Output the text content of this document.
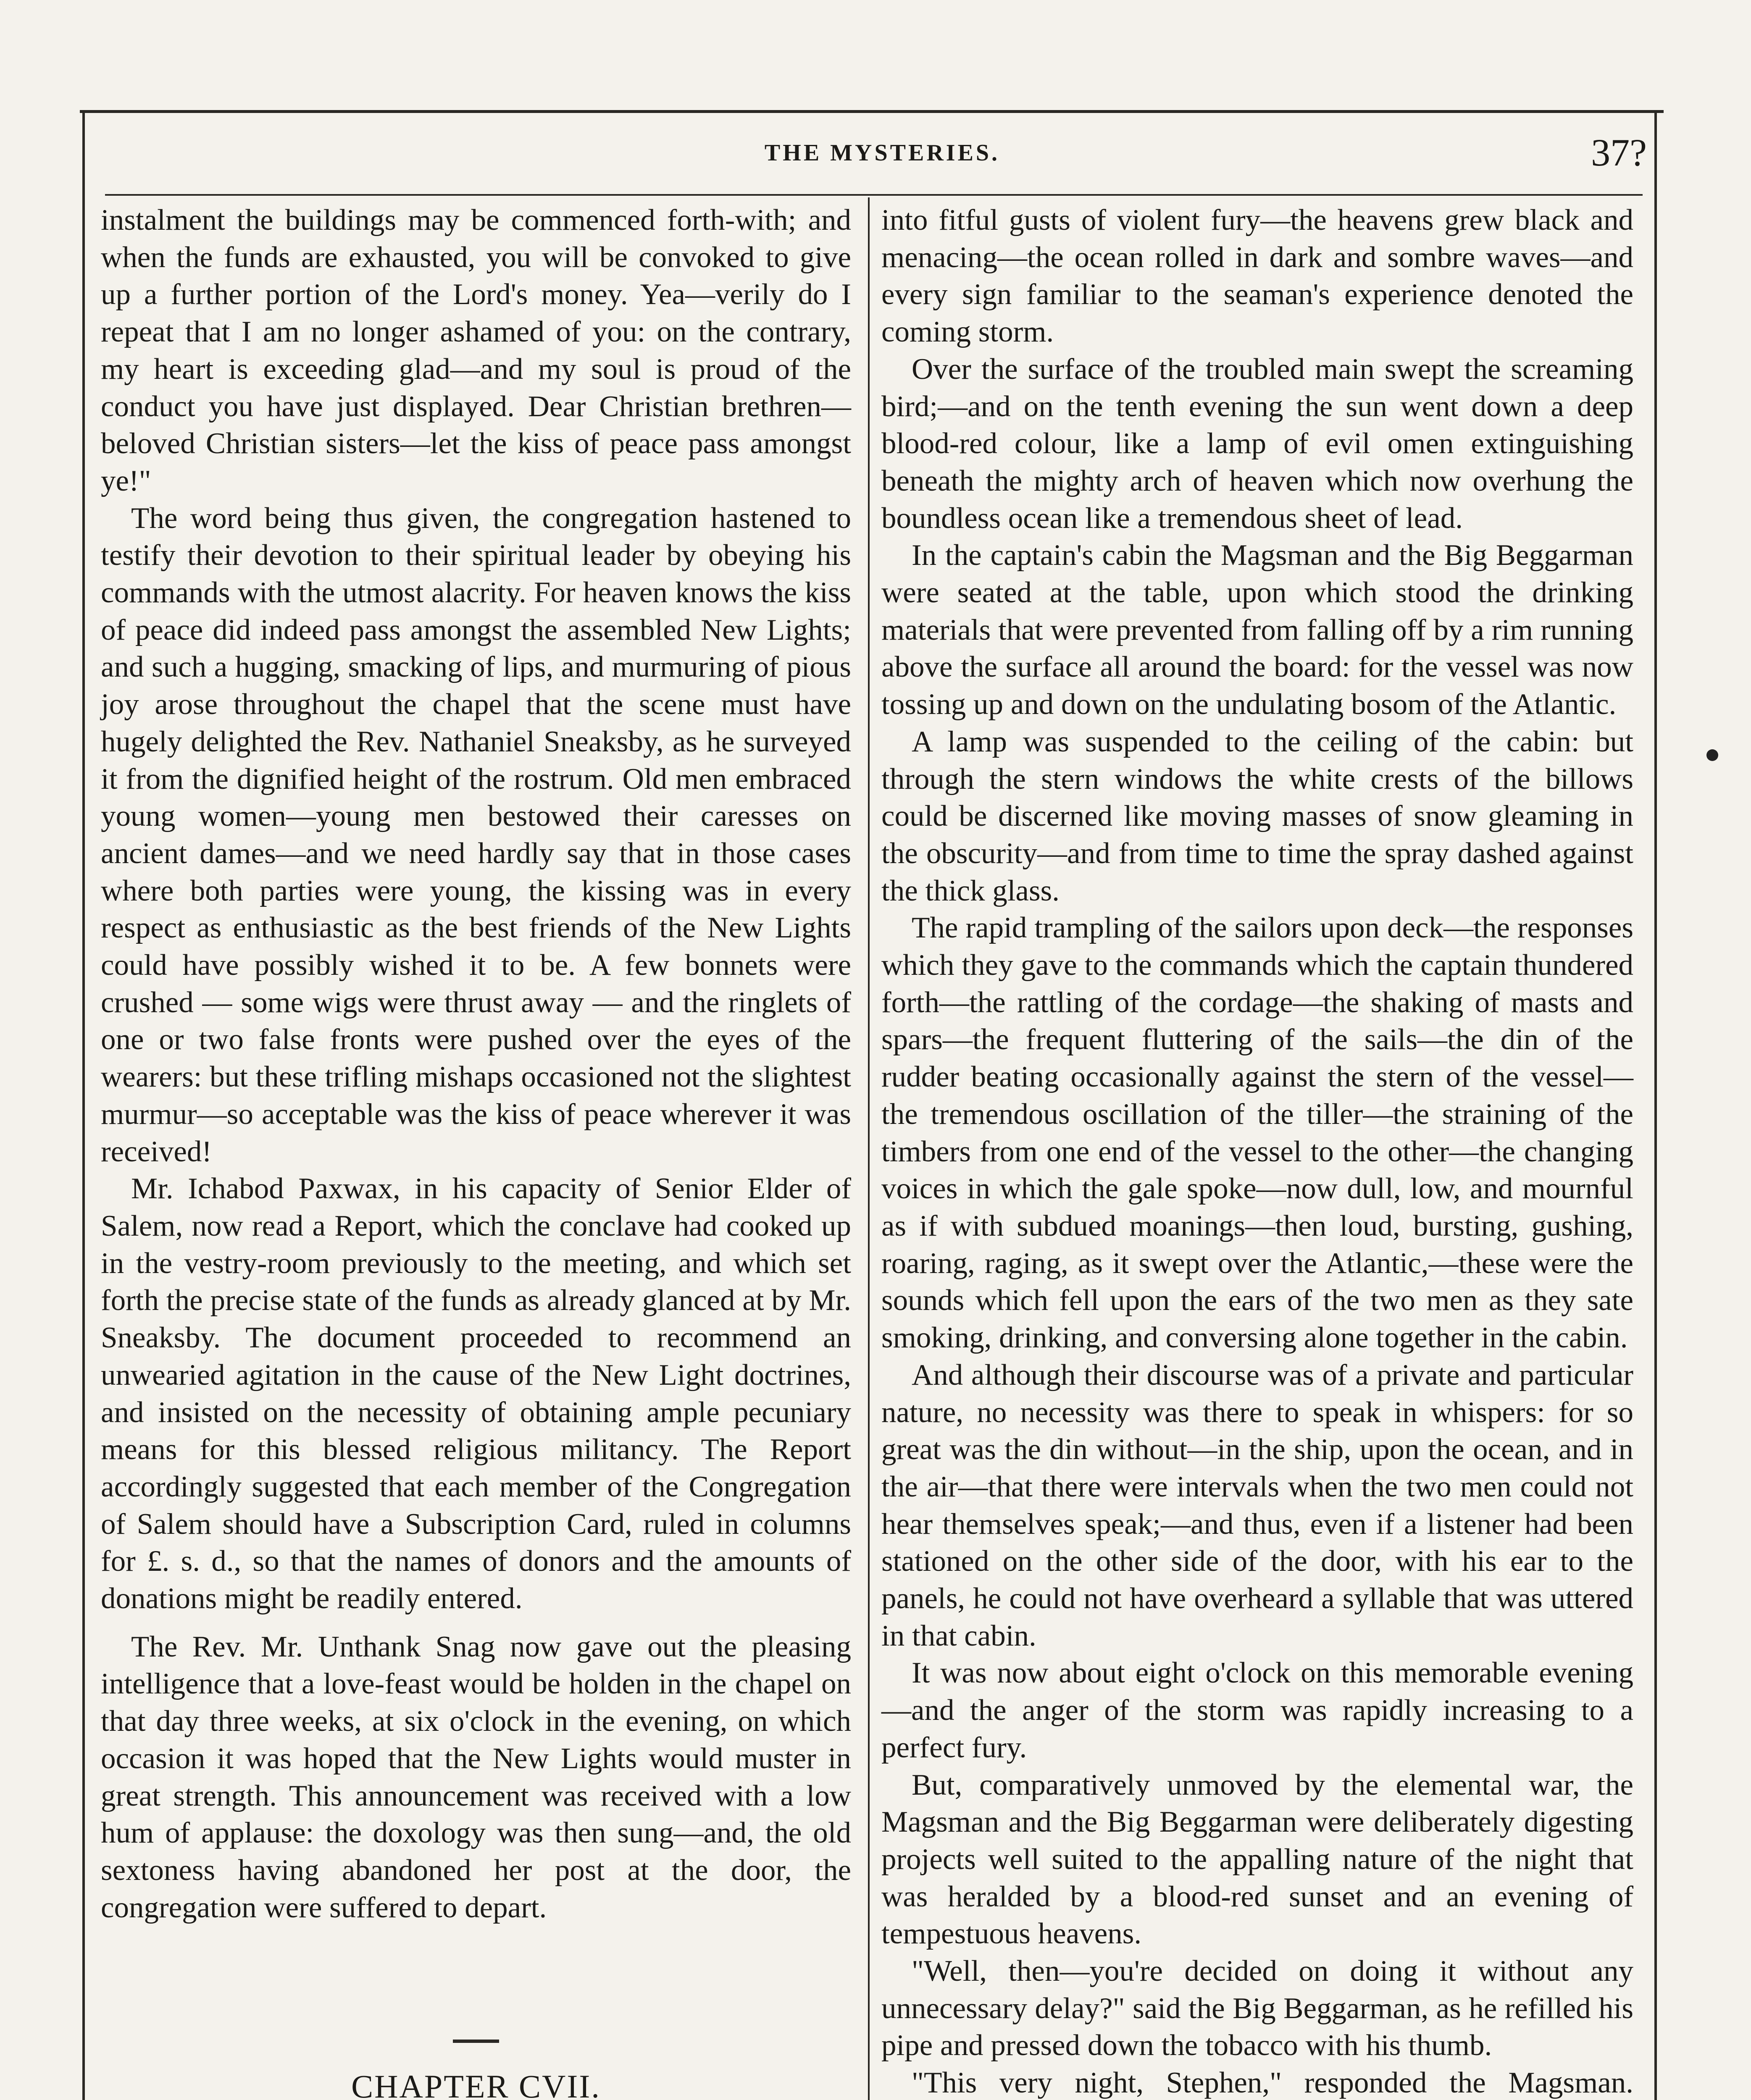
THE MYSTERIES.	37?

instalment the buildings may be commenced forth-with; and when the funds are exhausted, you will be convoked to give up a further portion of the Lord's money. Yea—verily do I repeat that I am no longer ashamed of you: on the contrary, my heart is exceeding glad—and my soul is proud of the conduct you have just displayed. Dear Christian brethren—beloved Christian sisters—let the kiss of peace pass amongst ye!"

The word being thus given, the congregation hastened to testify their devotion to their spiritual leader by obeying his commands with the utmost alacrity. For heaven knows the kiss of peace did indeed pass amongst the assembled New Lights; and such a hugging, smacking of lips, and murmuring of pious joy arose throughout the chapel that the scene must have hugely delighted the Rev. Nathaniel Sneaksby, as he surveyed it from the dignified height of the rostrum. Old men embraced young women—young men bestowed their caresses on ancient dames—and we need hardly say that in those cases where both parties were young, the kissing was in every respect as enthusiastic as the best friends of the New Lights could have possibly wished it to be. A few bonnets were crushed — some wigs were thrust away — and the ringlets of one or two false fronts were pushed over the eyes of the wearers: but these trifling mishaps occasioned not the slightest murmur—so acceptable was the kiss of peace wherever it was received!

Mr. Ichabod Paxwax, in his capacity of Senior Elder of Salem, now read a Report, which the conclave had cooked up in the vestry-room previously to the meeting, and which set forth the precise state of the funds as already glanced at by Mr. Sneaksby. The document proceeded to recommend an unwearied agitation in the cause of the New Light doctrines, and insisted on the necessity of obtaining ample pecuniary means for this blessed religious militancy. The Report accordingly suggested that each member of the Congregation of Salem should have a Subscription Card, ruled in columns for £. s. d., so that the names of donors and the amounts of donations might be readily entered.

The Rev. Mr. Unthank Snag now gave out the pleasing intelligence that a love-feast would be holden in the chapel on that day three weeks, at six o'clock in the evening, on which occasion it was hoped that the New Lights would muster in great strength. This announcement was received with a low hum of applause: the doxology was then sung—and, the old sextoness having abandoned her post at the door, the congregation were suffered to depart.

CHAPTER CVII.

into fitful gusts of violent fury—the heavens grew black and menacing—the ocean rolled in dark and sombre waves—and every sign familiar to the seaman's experience denoted the coming storm.

Over the surface of the troubled main swept the screaming bird;—and on the tenth evening the sun went down a deep blood-red colour, like a lamp of evil omen extinguishing beneath the mighty arch of heaven which now overhung the boundless ocean like a tremendous sheet of lead.

In the captain's cabin the Magsman and the Big Beggarman were seated at the table, upon which stood the drinking materials that were prevented from falling off by a rim running above the surface all around the board: for the vessel was now tossing up and down on the undulating bosom of the Atlantic.

A lamp was suspended to the ceiling of the cabin: but through the stern windows the white crests of the billows could be discerned like moving masses of snow gleaming in the obscurity—and from time to time the spray dashed against the thick glass.

The rapid trampling of the sailors upon deck—the responses which they gave to the commands which the captain thundered forth—the rattling of the cordage—the shaking of masts and spars—the frequent fluttering of the sails—the din of the rudder beating occasionally against the stern of the vessel—the tremendous oscillation of the tiller—the straining of the timbers from one end of the vessel to the other—the changing voices in which the gale spoke—now dull, low, and mournful as if with subdued moanings—then loud, bursting, gushing, roaring, raging, as it swept over the Atlantic,—these were the sounds which fell upon the ears of the two men as they sate smoking, drinking, and conversing alone together in the cabin.

And although their discourse was of a private and particular nature, no necessity was there to speak in whispers: for so great was the din without—in the ship, upon the ocean, and in the air—that there were intervals when the two men could not hear themselves speak;—and thus, even if a listener had been stationed on the other side of the door, with his ear to the panels, he could not have overheard a syllable that was uttered in that cabin.

It was now about eight o'clock on this memorable evening—and the anger of the storm was rapidly increasing to a perfect fury.

But, comparatively unmoved by the elemental war, the Magsman and the Big Beggarman were deliberately digesting projects well suited to the appalling nature of the night that was heralded by a blood-red sunset and an evening of tempestuous heavens.

"Well, then—you're decided on doing it without any unnecessary delay?" said the Big Beggarman, as he refilled his pipe and pressed down the tobacco with his thumb.

"This very night, Stephen," responded the Magsman.
